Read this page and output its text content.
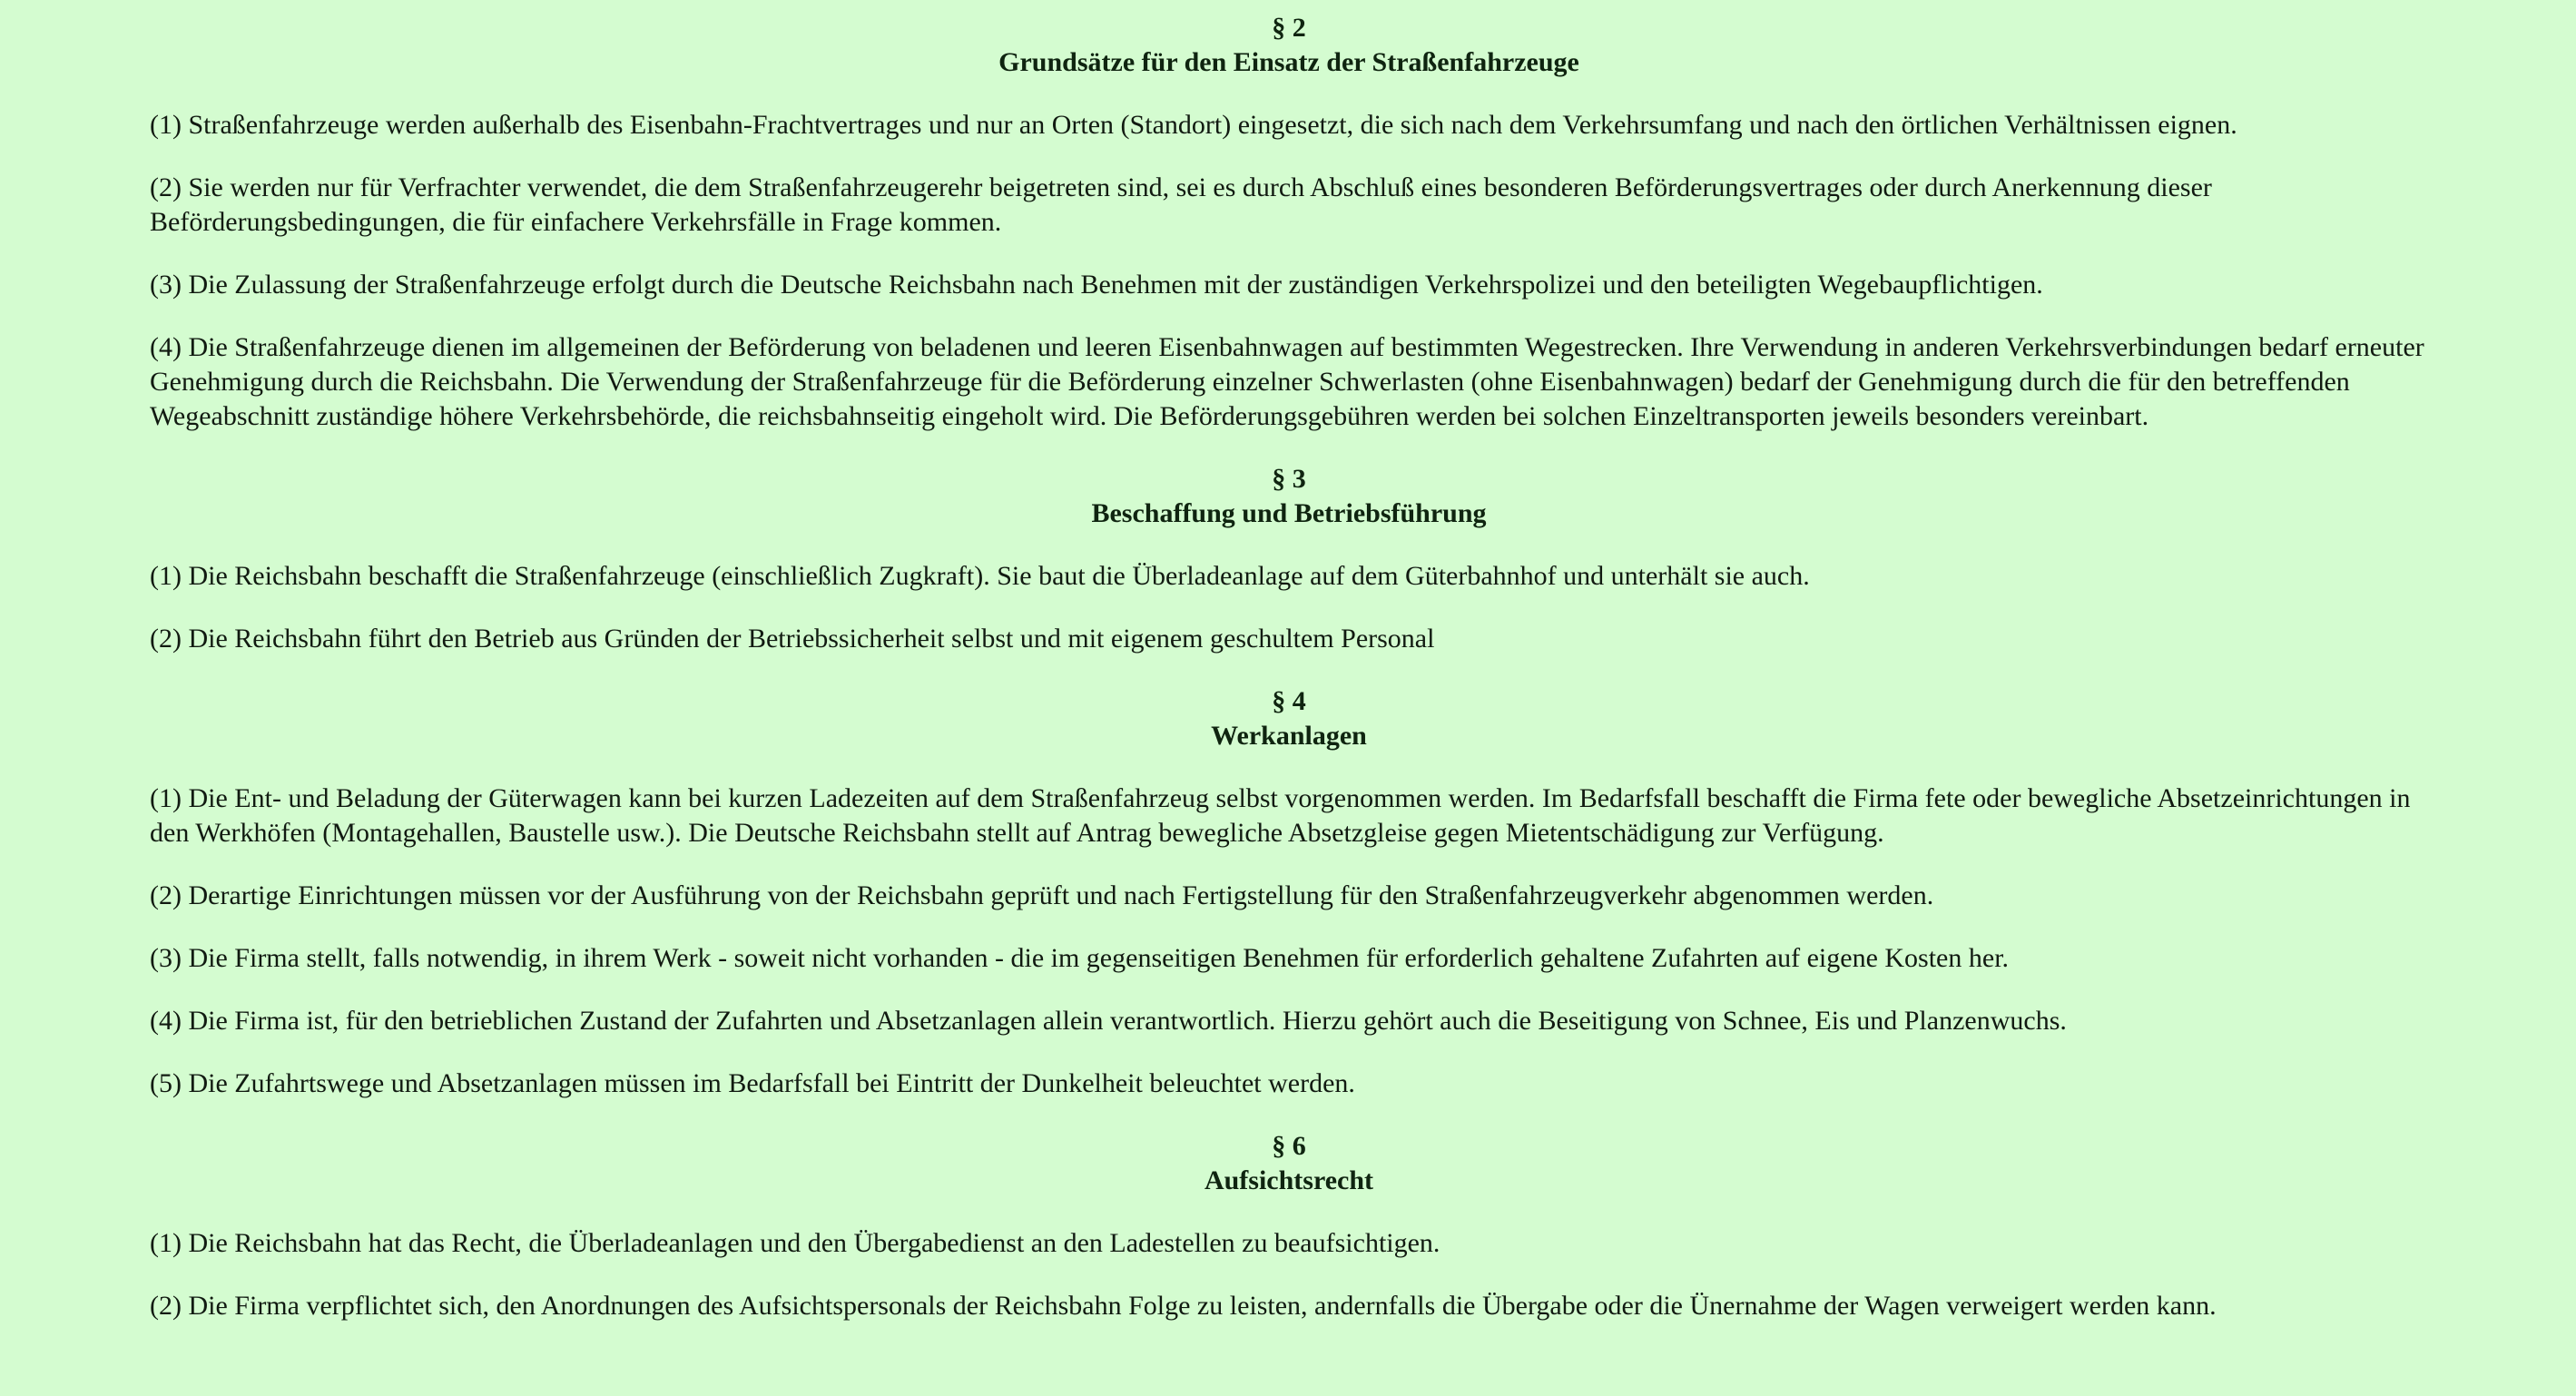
§ 2
Grundsätze für den Einsatz der Straßenfahrzeuge

(1) Straßenfahrzeuge werden außerhalb des Eisenbahn-Frachtvertrages und nur an Orten (Standort) eingesetzt, die sich nach dem Verkehrsumfang und nach den örtlichen Verhältnissen eignen.

(2) Sie werden nur für Verfrachter verwendet, die dem Straßenfahrzeugerehr beigetreten sind, sei es durch Abschluß eines besonderen Beförderungsvertrages oder durch Anerkennung dieser Beförderungsbedingungen, die für einfachere Verkehrsfälle in Frage kommen.

(3) Die Zulassung der Straßenfahrzeuge erfolgt durch die Deutsche Reichsbahn nach Benehmen mit der zuständigen Verkehrspolizei und den beteiligten Wegebaupflichtigen.

(4) Die Straßenfahrzeuge dienen im allgemeinen der Beförderung von beladenen und leeren Eisenbahnwagen auf bestimmten Wegestrecken. Ihre Verwendung in anderen Verkehrsverbindungen bedarf erneuter Genehmigung durch die Reichsbahn. Die Verwendung der Straßenfahrzeuge für die Beförderung einzelner Schwerlasten (ohne Eisenbahnwagen) bedarf der Genehmigung durch die für den betreffenden Wegeabschnitt zuständige höhere Verkehrsbehörde, die reichsbahnseitig eingeholt wird. Die Beförderungsgebühren werden bei solchen Einzeltransporten jeweils besonders vereinbart.

§ 3
Beschaffung und Betriebsführung

(1) Die Reichsbahn beschafft die Straßenfahrzeuge (einschließlich Zugkraft). Sie baut die Überladeanlage auf dem Güterbahnhof und unterhält sie auch.

(2) Die Reichsbahn führt den Betrieb aus Gründen der Betriebssicherheit selbst und mit eigenem geschultem Personal

§ 4
Werkanlagen

(1) Die Ent- und Beladung der Güterwagen kann bei kurzen Ladezeiten auf dem Straßenfahrzeug selbst vorgenommen werden. Im Bedarfsfall beschafft die Firma fete oder bewegliche Absetzeinrichtungen in den Werkhöfen (Montagehallen, Baustelle usw.). Die Deutsche Reichsbahn stellt auf Antrag bewegliche Absetzgleise gegen Mietentschädigung zur Verfügung.

(2) Derartige Einrichtungen müssen vor der Ausführung von der Reichsbahn geprüft und nach Fertigstellung für den Straßenfahrzeugverkehr abgenommen werden.

(3) Die Firma stellt, falls notwendig, in ihrem Werk - soweit nicht vorhanden - die im gegenseitigen Benehmen für erforderlich gehaltene Zufahrten auf eigene Kosten her.

(4) Die Firma ist, für den betrieblichen Zustand der Zufahrten und Absetzanlagen allein verantwortlich. Hierzu gehört auch die Beseitigung von Schnee, Eis und Planzenwuchs.

(5) Die Zufahrtswege und Absetzanlagen müssen im Bedarfsfall bei Eintritt der Dunkelheit beleuchtet werden.

§ 6
Aufsichtsrecht

(1) Die Reichsbahn hat das Recht, die Überladeanlagen und den Übergabedienst an den Ladestellen zu beaufsichtigen.

(2) Die Firma verpflichtet sich, den Anordnungen des Aufsichtspersonals der Reichsbahn Folge zu leisten, andernfalls die Übergabe oder die Ünernahme der Wagen verweigert werden kann.
